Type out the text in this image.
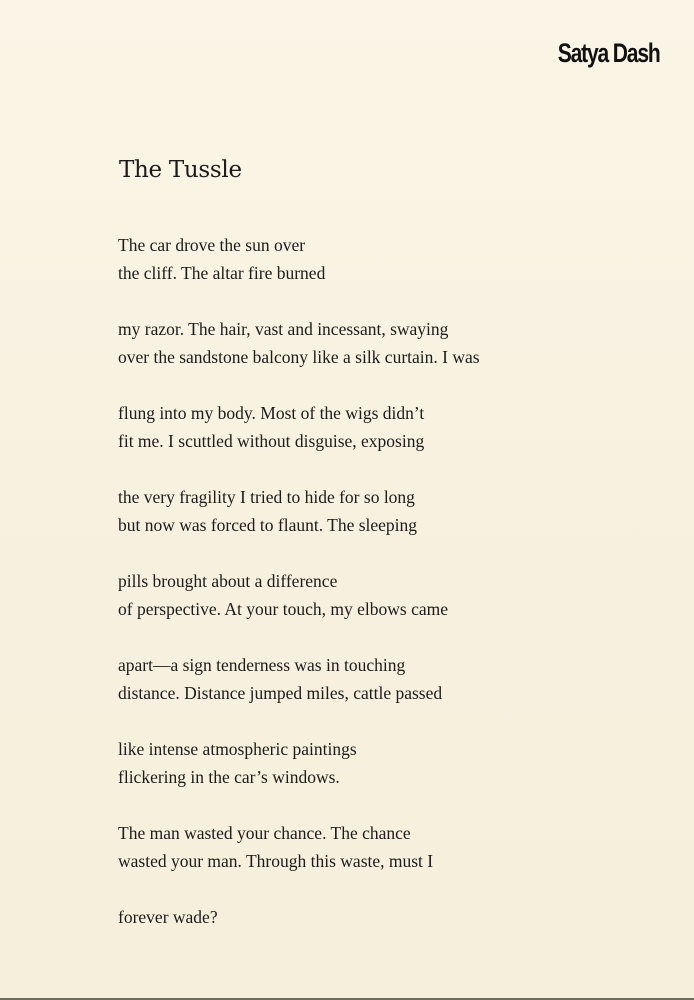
Satya Dash
The Tussle
The car drove the sun over
the cliff. The altar fire burned
my razor. The hair, vast and incessant, swaying
over the sandstone balcony like a silk curtain. I was
flung into my body. Most of the wigs didn’t
fit me. I scuttled without disguise, exposing
the very fragility I tried to hide for so long
but now was forced to flaunt. The sleeping
pills brought about a difference
of perspective. At your touch, my elbows came
apart—a sign tenderness was in touching
distance. Distance jumped miles, cattle passed
like intense atmospheric paintings
flickering in the car’s windows.
The man wasted your chance. The chance
wasted your man. Through this waste, must I
forever wade?
